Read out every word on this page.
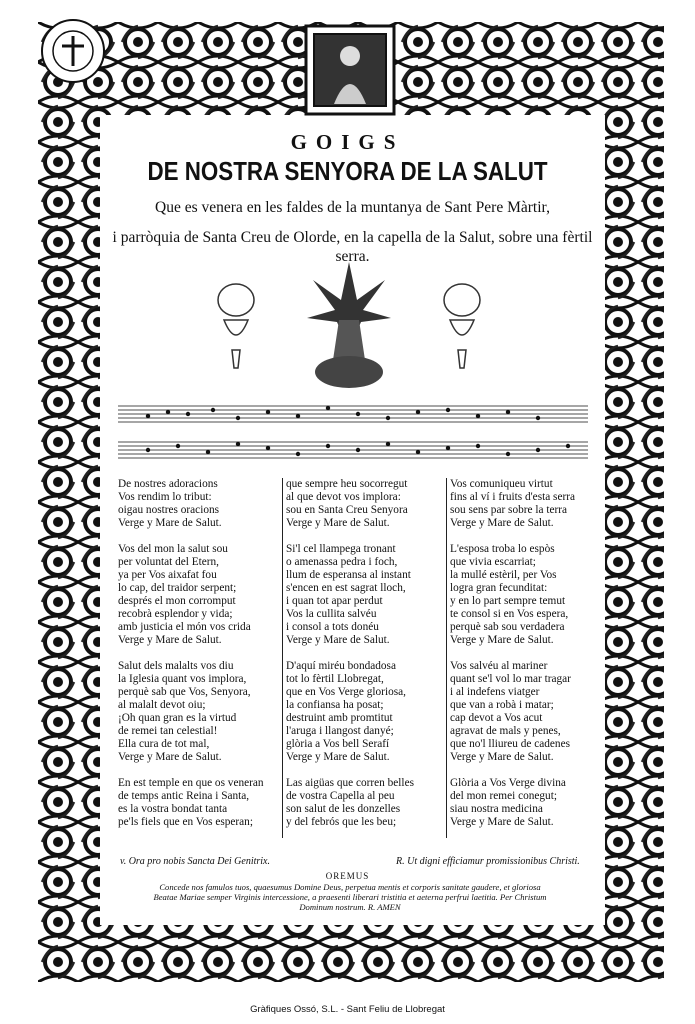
GOIGS
DE NOSTRA SENYORA DE LA SALUT
Que es venera en les faldes de la muntanya de Sant Pere Màrtir,
i parròquia de Santa Creu de Olorde, en la capella de la Salut, sobre una fèrtil serra.

De nostres adoracions
Vos rendim lo tribut:
oigau nostres oracions
Verge y Mare de Salut.

Vos del mon la salut sou
per voluntat del Etern,
ya per Vos aixafat fou
lo cap, del traidor serpent;
després el mon corromput
recobrà esplendor y vida;
amb justicia el món vos crida
Verge y Mare de Salut.

Salut dels malalts vos diu
la Iglesia quant vos implora,
perquè sab que Vos, Senyora,
al malalt devot oiu;
¡Oh quan gran es la virtud
de remei tan celestial!
Ella cura de tot mal,
Verge y Mare de Salut.

En est temple en que os veneran
de temps antic Reina i Santa,
es la vostra bondat tanta
pe'ls fiels que en Vos esperan;

que sempre heu socorregut
al que devot vos implora:
sou en Santa Creu Senyora
Verge y Mare de Salut.

Si'l cel llampega tronant
o amenassa pedra i foch,
llum de esperansa al instant
s'encen en est sagrat lloch,
i quan tot apar perdut
Vos la cullita salvéu
i consol a tots donéu
Verge y Mare de Salut.

D'aquí miréu bondadosa
tot lo fèrtil Llobregat,
que en Vos Verge gloriosa,
la confiansa ha posat;
destruint amb promtitut
l'aruga i llangost danyé;
glòria a Vos bell Serafí
Verge y Mare de Salut.

Las aigüas que corren belles
de vostra Capella al peu
son salut de les donzelles
y del febrós que les beu;

Vos comuniqueu virtut
fins al ví i fruits d'esta serra
sou sens par sobre la terra
Verge y Mare de Salut.

L'esposa troba lo espòs
que vivia escarriat;
la mullé estèril, per Vos
logra gran fecunditat:
y en lo part sempre temut
te consol si en Vos espera,
perquè sab sou verdadera
Verge y Mare de Salut.

Vos salvéu al mariner
quant se'l vol lo mar tragar
i al indefens viatger
que van a robà i matar;
cap devot a Vos acut
agravat de mals y penes,
que no'l lliureu de cadenes
Verge y Mare de Salut.

Glòria a Vos Verge divina
del mon remei conegut;
siau nostra medicina
Verge y Mare de Salut.

v. Ora pro nobis Sancta Dei Genitrix.	R. Ut digni efficiamur promissionibus Christi.
OREMUS
Concede nos famulos tuos, quaesumus Domine Deus, perpetua mentis et corporis sanitate gaudere, et gloriosa
Beatae Mariae semper Virginis intercessione, a praesenti liberari tristitia et aeterna perfrui laetitia. Per Christum
Dominum nostrum. R. AMEN
Gràfiques Ossó, S.L. - Sant Feliu de Llobregat
